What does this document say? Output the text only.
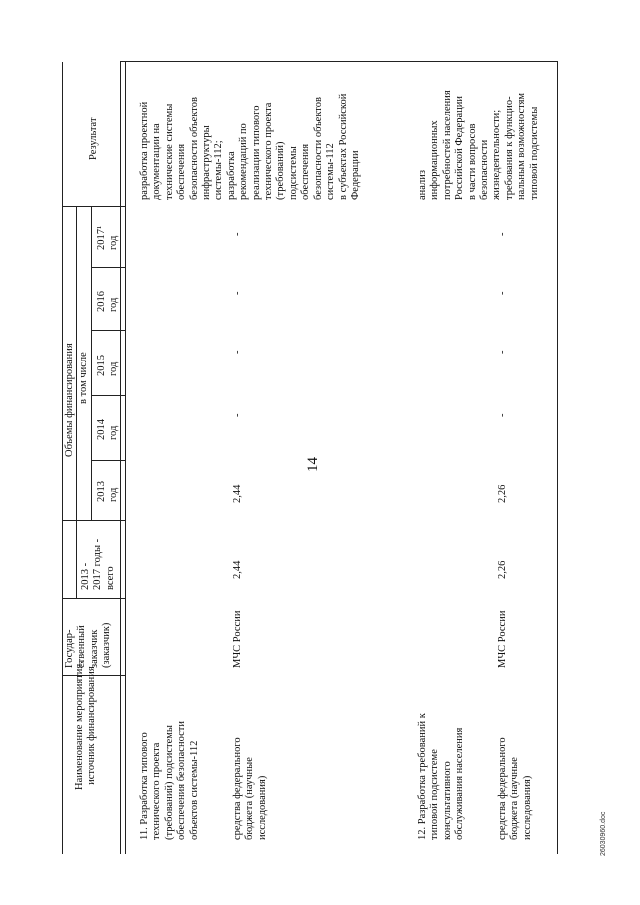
14
26030960.doc
Наименование мероприятия,
источник финансирования
Государ-
ственный
заказчик
(заказчик)
Объемы финансирования
2013 -
2017 годы -
всего
в том числе
2013
год
2014
год
2015
год
2016
год
2017¹
год
Результат
11. Разработка типового
технического проекта
(требований) подсистемы
обеспечения безопасности
объектов системы-112
средства федерального
бюджета (научные
исследования)
МЧС России
2,44
2,44
-
-
-
-
разработка проектной
документации на
технические системы
обеспечения
безопасности объектов
инфраструктуры
системы-112;
разработка
рекомендаций по
реализации типового
технического проекта
(требований)
подсистемы
обеспечения
безопасности объектов
системы-112
в субъектах Российской
Федерации
12. Разработка требований к
типовой подсистеме
консультативного
обслуживания населения
средства федерального
бюджета (научные
исследования)
МЧС России
2,26
2,26
-
-
-
-
анализ
информационных
потребностей населения
Российской Федерации
в части вопросов
безопасности
жизнедеятельности;
требования к функцио-
нальным возможностям
типовой подсистемы
